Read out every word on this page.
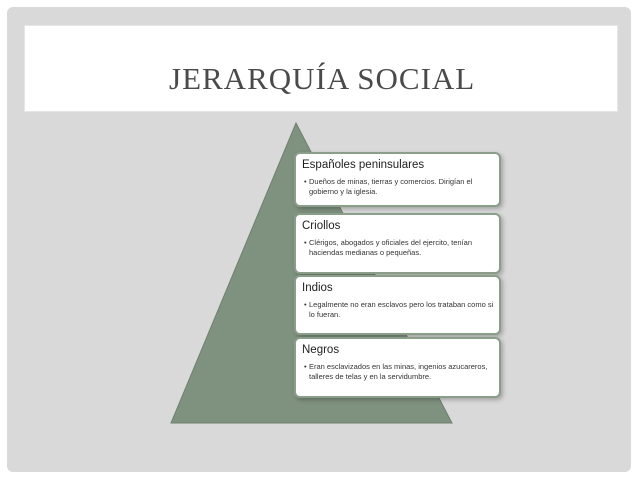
JERARQUÍA SOCIAL
Españoles peninsulares
• Dueños de minas, tierras y comercios. Dirigían el gobierno y la iglesia.
Criollos
• Clérigos, abogados y oficiales del ejercito, tenían haciendas medianas o pequeñas.
Indios
• Legalmente no eran esclavos pero los trataban como si lo fueran.
Negros
• Eran esclavizados en las minas, ingenios azucareros, talleres de telas y en la servidumbre.
